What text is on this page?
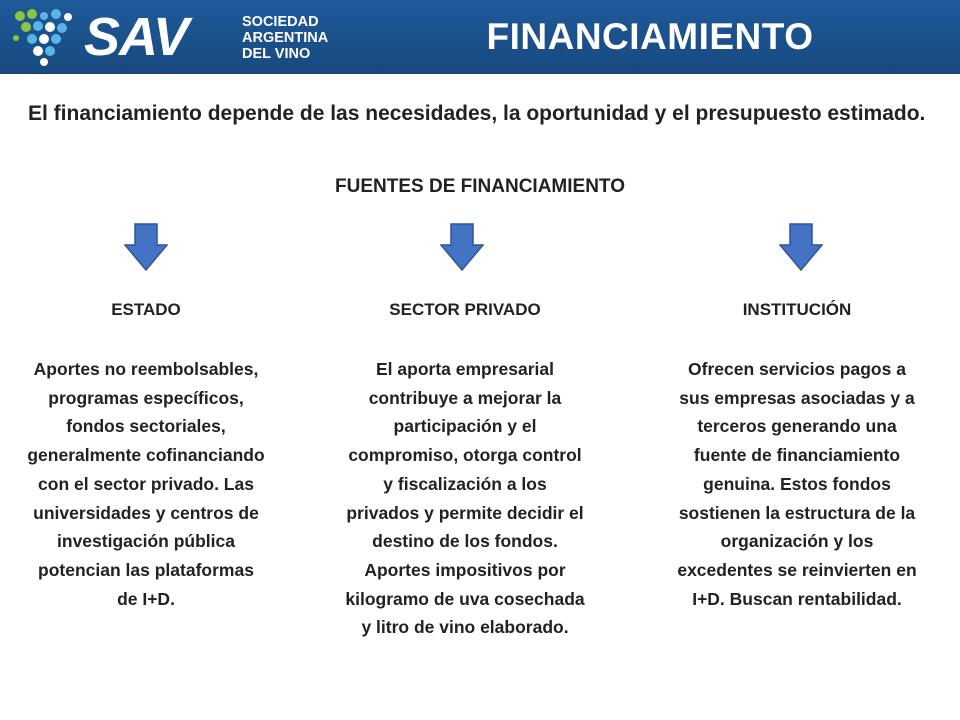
SAV	SOCIEDAD
ARGENTINA
DEL VINO	FINANCIAMIENTO
El financiamiento depende de las necesidades, la oportunidad y el presupuesto estimado.
FUENTES DE FINANCIAMIENTO
ESTADO
Aportes no reembolsables, programas específicos, fondos sectoriales, generalmente cofinanciando con el sector privado. Las universidades y centros de investigación pública potencian las plataformas de I+D.
SECTOR PRIVADO
El aporta empresarial contribuye a mejorar la participación y el compromiso, otorga control y fiscalización a los privados y permite decidir el destino de los fondos. Aportes impositivos por kilogramo de uva cosechada y litro de vino elaborado.
INSTITUCIÓN
Ofrecen servicios pagos a sus empresas asociadas y a terceros generando una fuente de financiamiento genuina. Estos fondos sostienen la estructura de la organización y los excedentes se reinvierten en I+D. Buscan rentabilidad.
